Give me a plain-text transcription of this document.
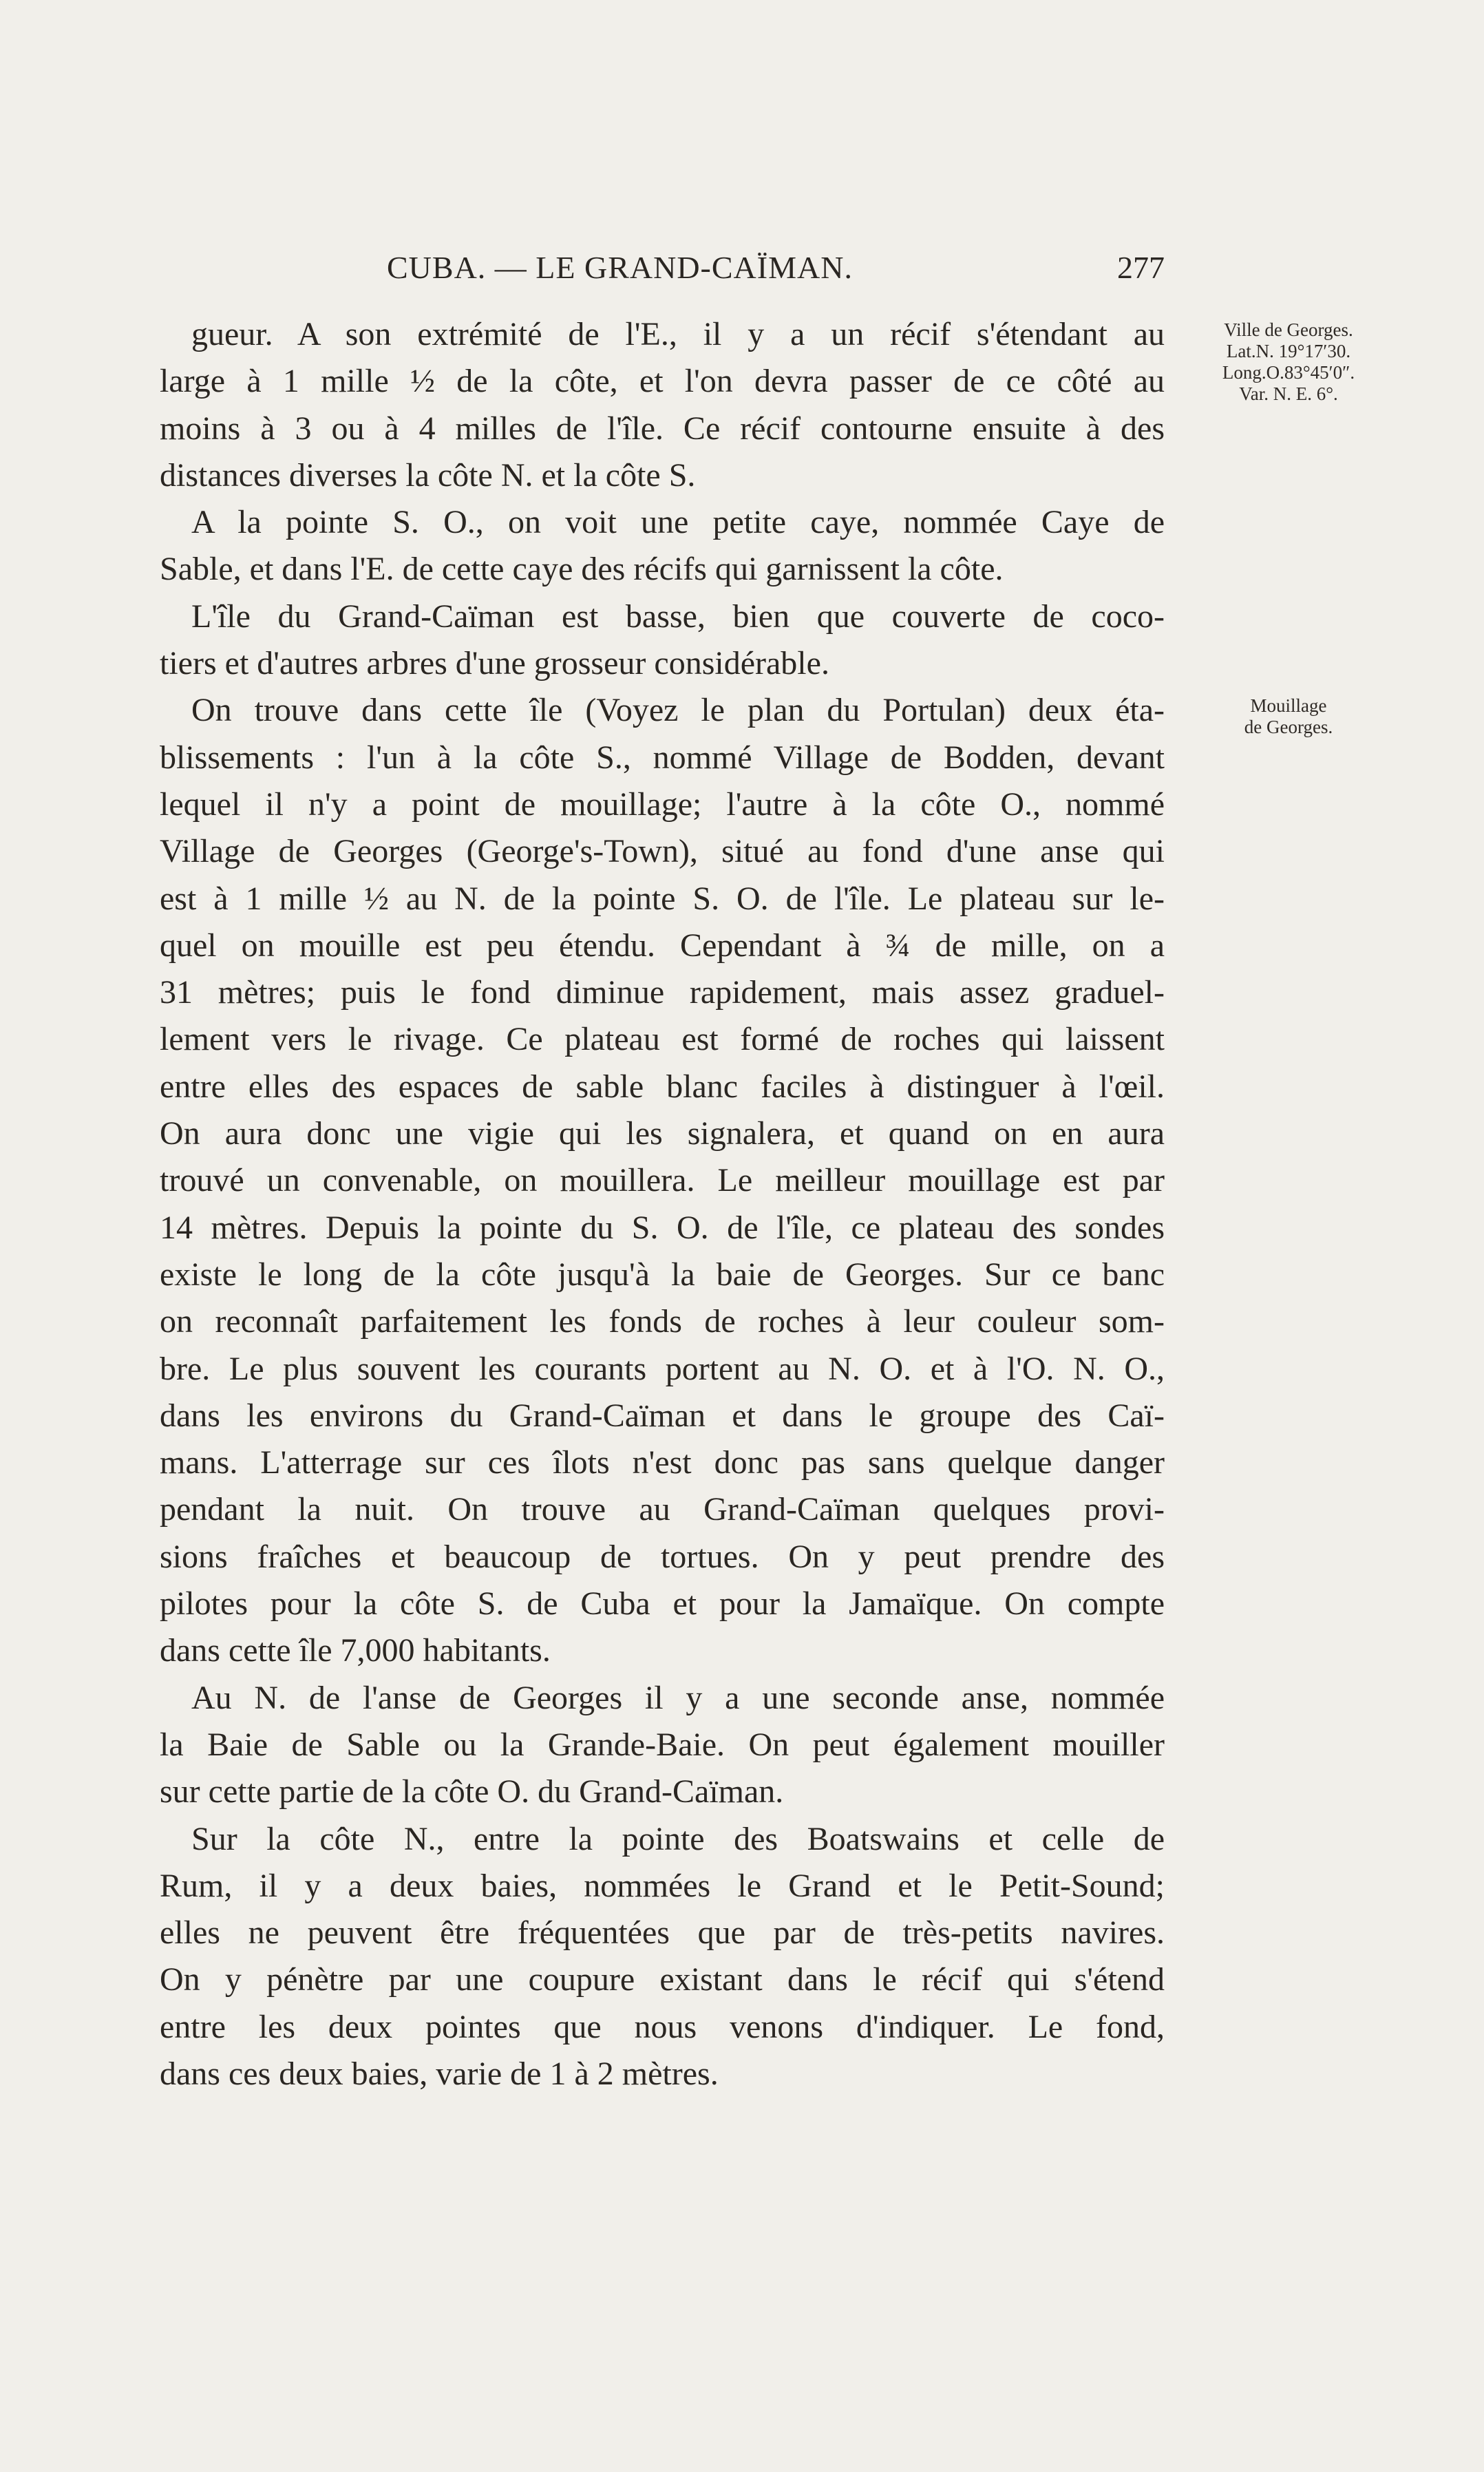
CUBA. — LE GRAND-CAÏMAN.	277
Ville de Georges.
Lat.N. 19°17′30.
Long.O.83°45′0″.
Var. N. E. 6°.
Mouillage
de Georges.
gueur. A son extrémité de l'E., il y a un récif s'étendant au
large à 1 mille ½ de la côte, et l'on devra passer de ce côté au
moins à 3 ou à 4 milles de l'île. Ce récif contourne ensuite à des
distances diverses la côte N. et la côte S.
A la pointe S. O., on voit une petite caye, nommée Caye de
Sable, et dans l'E. de cette caye des récifs qui garnissent la côte.
L'île du Grand-Caïman est basse, bien que couverte de coco-
tiers et d'autres arbres d'une grosseur considérable.
On trouve dans cette île (Voyez le plan du Portulan) deux éta-
blissements : l'un à la côte S., nommé Village de Bodden, devant
lequel il n'y a point de mouillage; l'autre à la côte O., nommé
Village de Georges (George's-Town), situé au fond d'une anse qui
est à 1 mille ½ au N. de la pointe S. O. de l'île. Le plateau sur le-
quel on mouille est peu étendu. Cependant à ¾ de mille, on a
31 mètres; puis le fond diminue rapidement, mais assez graduel-
lement vers le rivage. Ce plateau est formé de roches qui laissent
entre elles des espaces de sable blanc faciles à distinguer à l'œil.
On aura donc une vigie qui les signalera, et quand on en aura
trouvé un convenable, on mouillera. Le meilleur mouillage est par
14 mètres. Depuis la pointe du S. O. de l'île, ce plateau des sondes
existe le long de la côte jusqu'à la baie de Georges. Sur ce banc
on reconnaît parfaitement les fonds de roches à leur couleur som-
bre. Le plus souvent les courants portent au N. O. et à l'O. N. O.,
dans les environs du Grand-Caïman et dans le groupe des Caï-
mans. L'atterrage sur ces îlots n'est donc pas sans quelque danger
pendant la nuit. On trouve au Grand-Caïman quelques provi-
sions fraîches et beaucoup de tortues. On y peut prendre des
pilotes pour la côte S. de Cuba et pour la Jamaïque. On compte
dans cette île 7,000 habitants.
Au N. de l'anse de Georges il y a une seconde anse, nommée
la Baie de Sable ou la Grande-Baie. On peut également mouiller
sur cette partie de la côte O. du Grand-Caïman.
Sur la côte N., entre la pointe des Boatswains et celle de
Rum, il y a deux baies, nommées le Grand et le Petit-Sound;
elles ne peuvent être fréquentées que par de très-petits navires.
On y pénètre par une coupure existant dans le récif qui s'étend
entre les deux pointes que nous venons d'indiquer. Le fond,
dans ces deux baies, varie de 1 à 2 mètres.
